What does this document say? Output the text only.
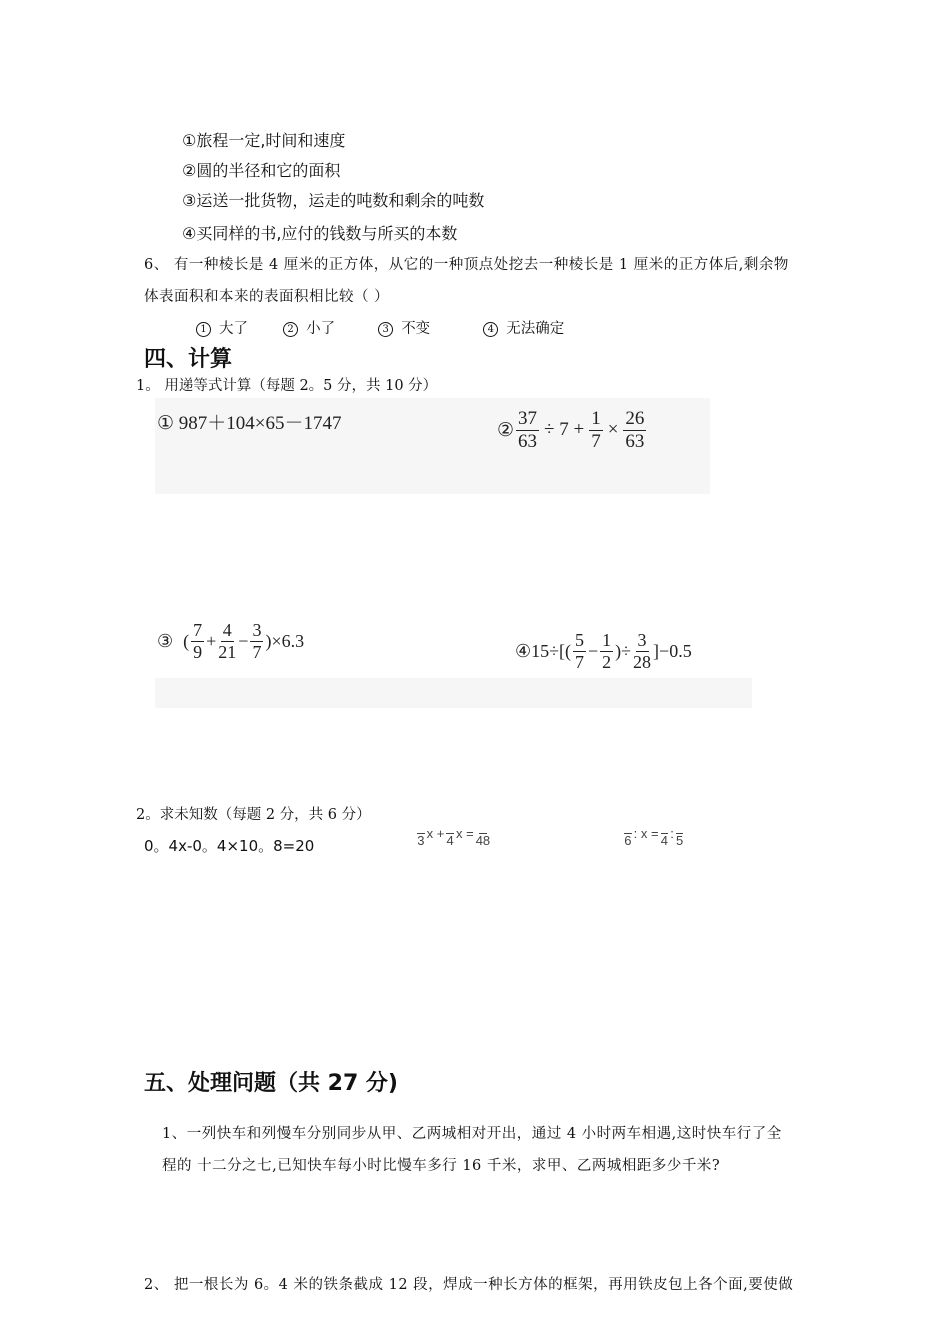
①旅程一定,时间和速度
②圆的半径和它的面积
③运送一批货物，运走的吨数和剩余的吨数
④买同样的书,应付的钱数与所买的本数
6、 有一种棱长是 4 厘米的正方体，从它的一种顶点处挖去一种棱长是 1 厘米的正方体后,剩余物
体表面积和本来的表面积相比较（ ）
1 大了	2 小了	3 不变	4 无法确定
四、计算
1。 用递等式计算（每题 2。5 分，共 10 分）
① 987＋104×65－1747	② $\frac{37}{63} \div 7 + \frac{1}{7} \times \frac{26}{63}$
③ ( $\frac{7}{9} + \frac{4}{21} - \frac{3}{7} )\times 6.3$	④15÷[( $\frac{5}{7} - \frac{1}{2}$ )÷ $\frac{3}{28} ]-0.5$
2。求未知数（每题 2 分，共 6 分）
0。4x-0。4×10。8=20
	3 x +
4 x =
48
	6 : x =
4 :
5
五、处理问题（共 27 分)
1、一列快车和列慢车分别同步从甲、乙两城相对开出，通过 4 小时两车相遇,这时快车行了全
程的 十二分之七,已知快车每小时比慢车多行 16 千米，求甲、乙两城相距多少千米?
2、 把一根长为 6。4 米的铁条截成 12 段，焊成一种长方体的框架，再用铁皮包上各个面,要使做
